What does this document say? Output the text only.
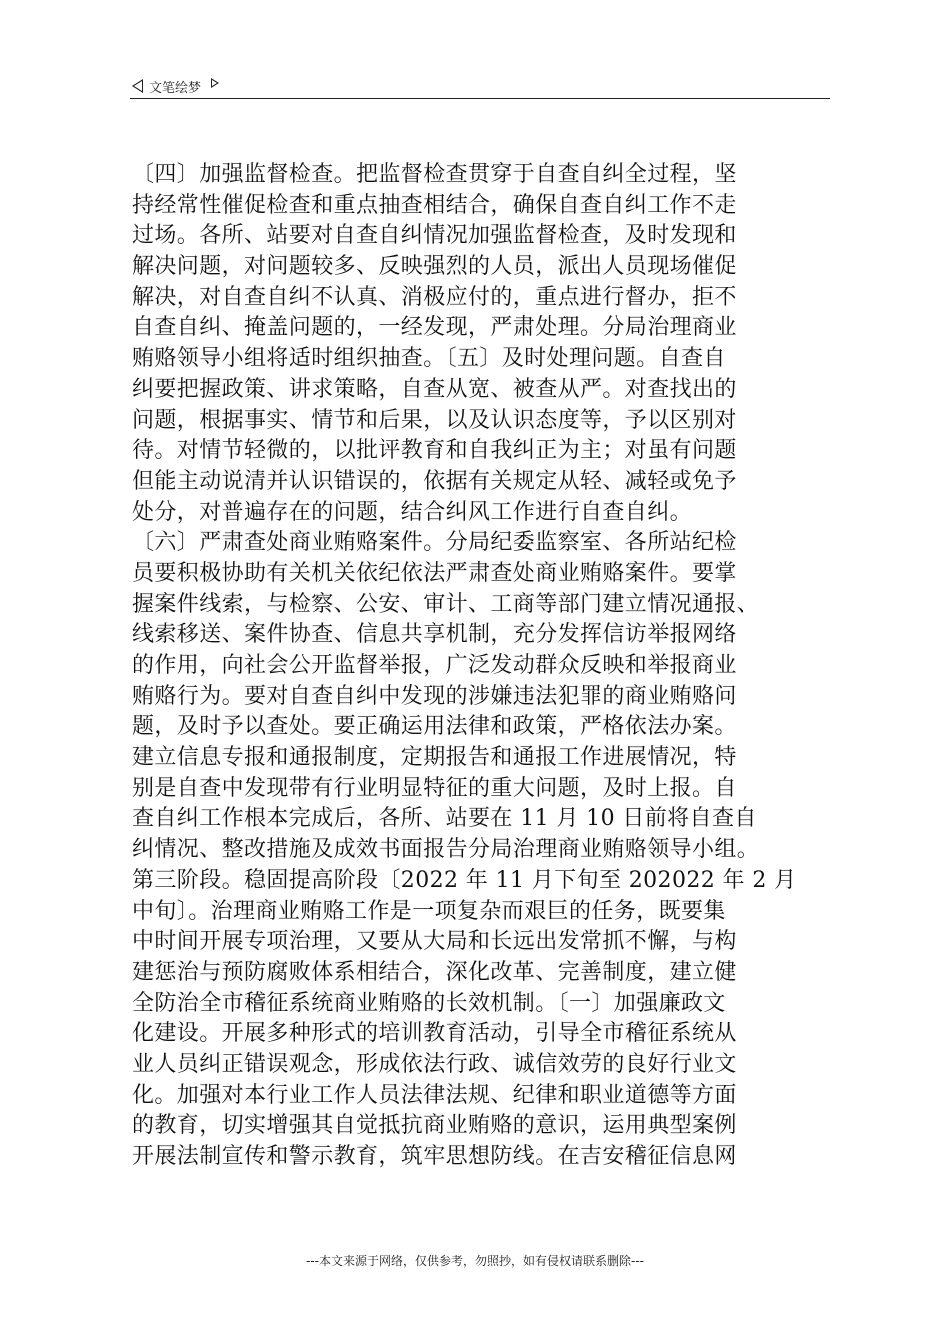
文笔绘梦
〔四〕加强监督检查。把监督检查贯穿于自查自纠全过程，坚
持经常性催促检查和重点抽查相结合，确保自查自纠工作不走
过场。各所、站要对自查自纠情况加强监督检查，及时发现和
解决问题，对问题较多、反映强烈的人员，派出人员现场催促
解决，对自查自纠不认真、消极应付的，重点进行督办，拒不
自查自纠、掩盖问题的，一经发现，严肃处理。分局治理商业
贿赂领导小组将适时组织抽查。〔五〕及时处理问题。自查自
纠要把握政策、讲求策略，自查从宽、被查从严。对查找出的
问题，根据事实、情节和后果，以及认识态度等，予以区别对
待。对情节轻微的，以批评教育和自我纠正为主；对虽有问题
但能主动说清并认识错误的，依据有关规定从轻、减轻或免予
处分，对普遍存在的问题，结合纠风工作进行自查自纠。
〔六〕严肃查处商业贿赂案件。分局纪委监察室、各所站纪检
员要积极协助有关机关依纪依法严肃查处商业贿赂案件。要掌
握案件线索，与检察、公安、审计、工商等部门建立情况通报、
线索移送、案件协查、信息共享机制，充分发挥信访举报网络
的作用，向社会公开监督举报，广泛发动群众反映和举报商业
贿赂行为。要对自查自纠中发现的涉嫌违法犯罪的商业贿赂问
题，及时予以查处。要正确运用法律和政策，严格依法办案。
建立信息专报和通报制度，定期报告和通报工作进展情况，特
别是自查中发现带有行业明显特征的重大问题，及时上报。自
查自纠工作根本完成后，各所、站要在 11 月 10 日前将自查自
纠情况、整改措施及成效书面报告分局治理商业贿赂领导小组。
第三阶段。稳固提高阶段〔2022 年 11 月下旬至 202022 年 2 月
中旬〕。治理商业贿赂工作是一项复杂而艰巨的任务，既要集
中时间开展专项治理，又要从大局和长远出发常抓不懈，与构
建惩治与预防腐败体系相结合，深化改革、完善制度，建立健
全防治全市稽征系统商业贿赂的长效机制。〔一〕加强廉政文
化建设。开展多种形式的培训教育活动，引导全市稽征系统从
业人员纠正错误观念，形成依法行政、诚信效劳的良好行业文
化。加强对本行业工作人员法律法规、纪律和职业道德等方面
的教育，切实增强其自觉抵抗商业贿赂的意识，运用典型案例
开展法制宣传和警示教育，筑牢思想防线。在吉安稽征信息网
---本文来源于网络，仅供参考，勿照抄，如有侵权请联系删除---
